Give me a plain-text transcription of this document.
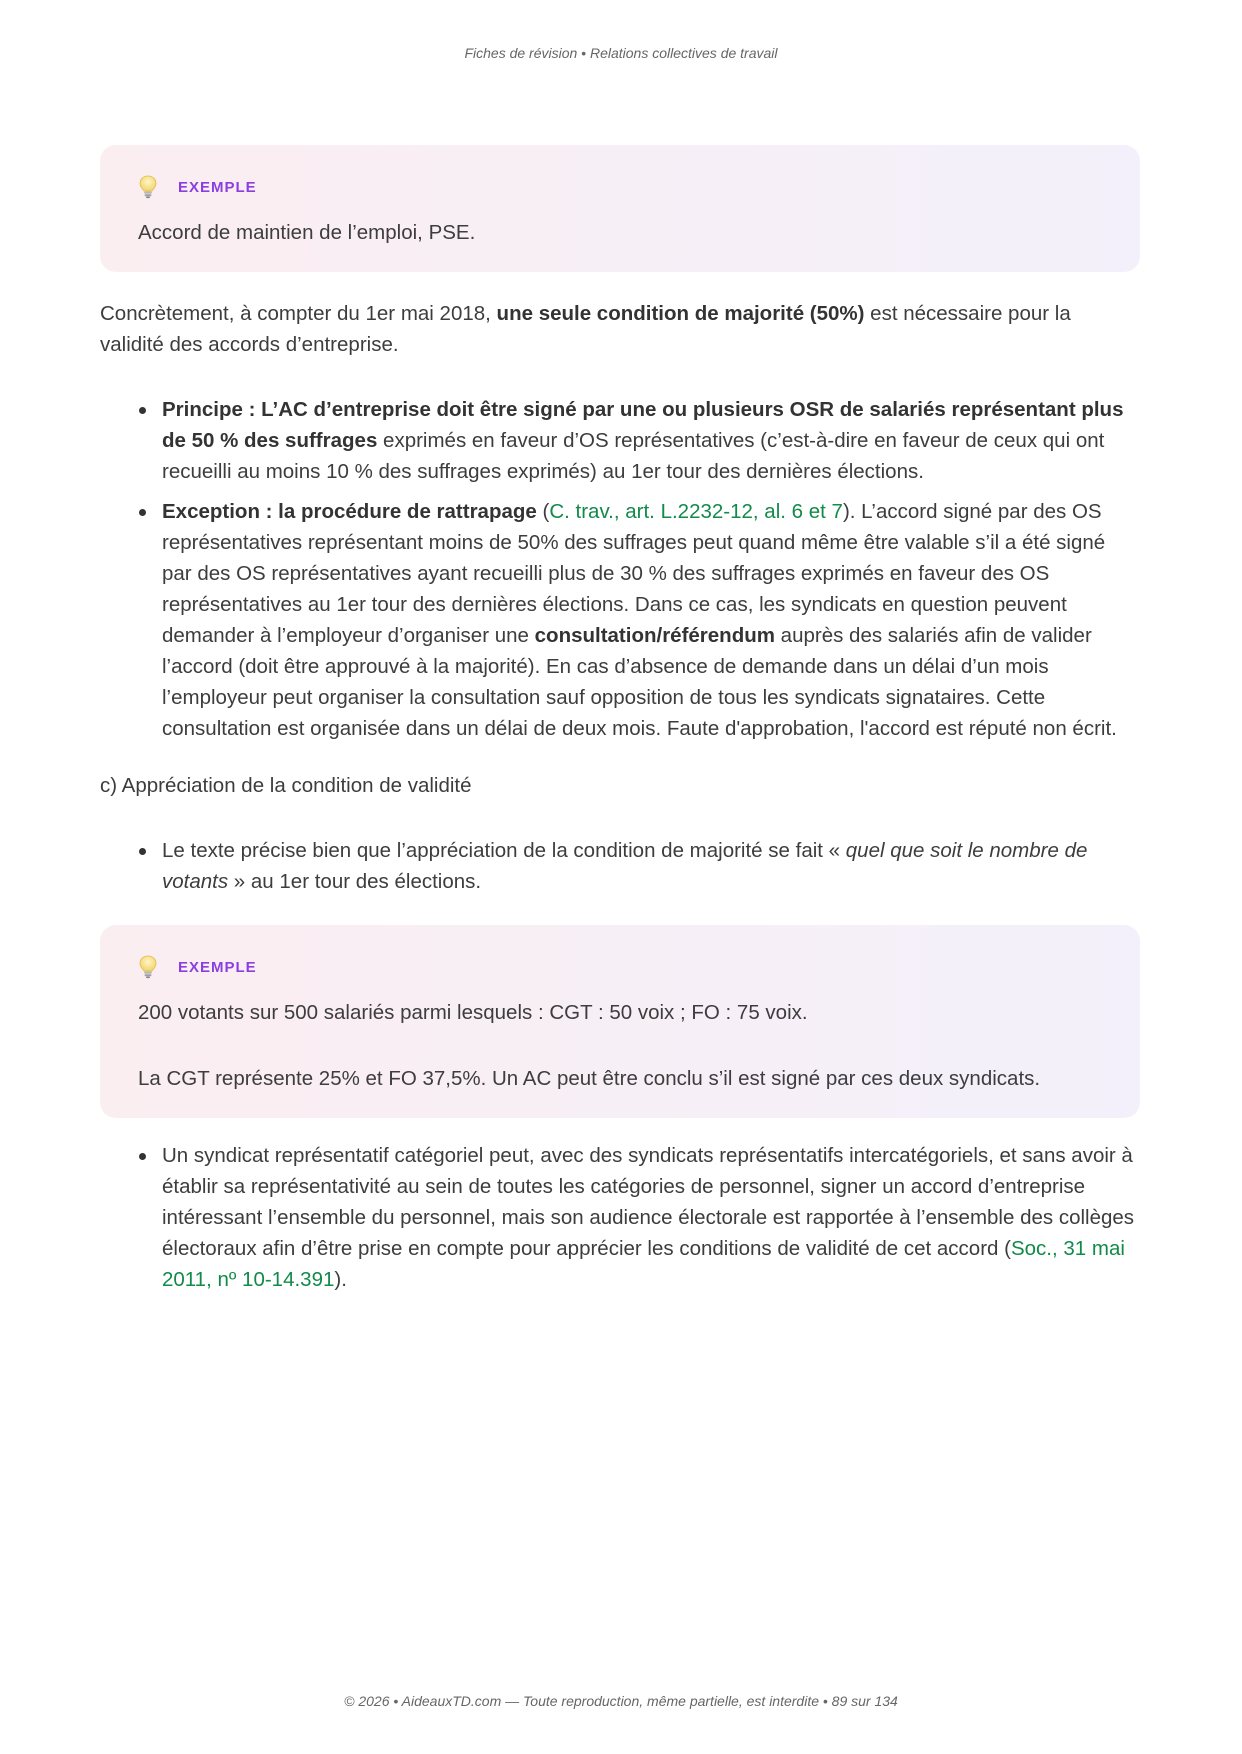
Fiches de révision • Relations collectives de travail
EXEMPLE

Accord de maintien de l’emploi, PSE.

Concrètement, à compter du 1er mai 2018, une seule condition de majorité (50%) est nécessaire pour la validité des accords d’entreprise.

Principe : L’AC d’entreprise doit être signé par une ou plusieurs OSR de salariés représentant plus de 50 % des suffrages exprimés en faveur d’OS représentatives (c’est-à-dire en faveur de ceux qui ont recueilli au moins 10 % des suffrages exprimés) au 1er tour des dernières élections.
Exception : la procédure de rattrapage (C. trav., art. L.2232-12, al. 6 et 7). L’accord signé par des OS représentatives représentant moins de 50% des suffrages peut quand même être valable s’il a été signé par des OS représentatives ayant recueilli plus de 30 % des suffrages exprimés en faveur des OS représentatives au 1er tour des dernières élections. Dans ce cas, les syndicats en question peuvent demander à l’employeur d’organiser une consultation/référendum auprès des salariés afin de valider l’accord (doit être approuvé à la majorité). En cas d’absence de demande dans un délai d’un mois l’employeur peut organiser la consultation sauf opposition de tous les syndicats signataires. Cette consultation est organisée dans un délai de deux mois. Faute d'approbation, l'accord est réputé non écrit.

c) Appréciation de la condition de validité

Le texte précise bien que l’appréciation de la condition de majorité se fait « quel que soit le nombre de votants » au 1er tour des élections.
EXEMPLE

200 votants sur 500 salariés parmi lesquels : CGT : 50 voix ; FO : 75 voix.

La CGT représente 25% et FO 37,5%. Un AC peut être conclu s’il est signé par ces deux syndicats.

Un syndicat représentatif catégoriel peut, avec des syndicats représentatifs intercatégoriels, et sans avoir à établir sa représentativité au sein de toutes les catégories de personnel, signer un accord d’entreprise intéressant l’ensemble du personnel, mais son audience électorale est rapportée à l’ensemble des collèges électoraux afin d’être prise en compte pour apprécier les conditions de validité de cet accord (Soc., 31 mai 2011, nº 10-14.391).
© 2026 • AideauxTD.com — Toute reproduction, même partielle, est interdite • 89 sur 134
